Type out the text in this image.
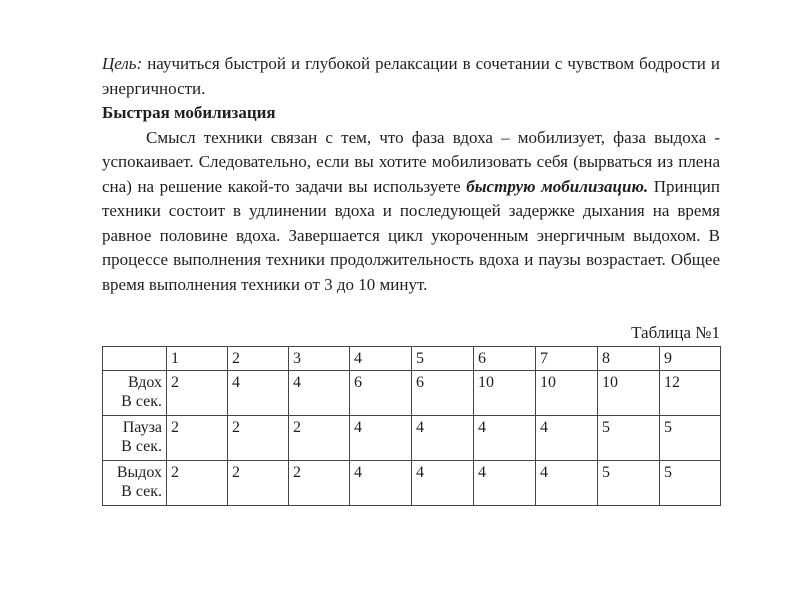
Цель: научиться быстрой и глубокой релаксации в сочетании с чувством бодрости и энергичности.

Быстрая мобилизация

Смысл техники связан с тем, что фаза вдоха – мобилизует, фаза выдоха - успокаивает. Следовательно, если вы хотите мобилизовать себя (вырваться из плена сна) на решение какой-то задачи вы используете быструю мобилизацию. Принцип техники состоит в удлинении вдоха и последующей задержке дыхания на время равное половине вдоха. Завершается цикл укороченным энергичным выдохом. В процессе выполнения техники продолжительность вдоха и паузы возрастает. Общее время выполнения техники от 3 до 10 минут.

Таблица №1
	1	2	3	4	5	6	7	8	9

Вдох
В сек.	2	4	4	6	6	10	10	10	12

Пауза
В сек.	2	2	2	4	4	4	4	5	5

Выдох
В сек.	2	2	2	4	4	4	4	5	5
